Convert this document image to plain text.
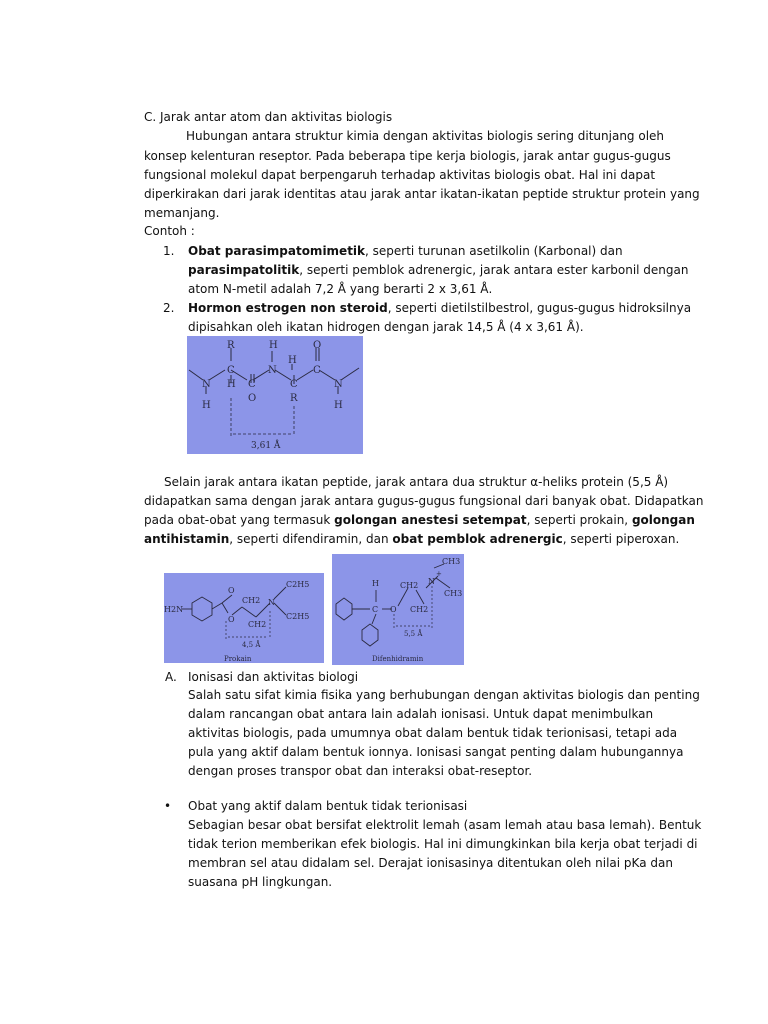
C. Jarak antar atom dan aktivitas biologis
Hubungan antara struktur kimia dengan aktivitas biologis sering ditunjang oleh
konsep kelenturan reseptor. Pada beberapa tipe kerja biologis, jarak antar gugus-gugus
fungsional molekul dapat berpengaruh terhadap aktivitas biologis obat. Hal ini dapat
diperkirakan dari jarak identitas atau jarak antar ikatan-ikatan peptide struktur protein yang
memanjang.
Contoh :
1. Obat parasimpatomimetik, seperti turunan asetilkolin (Karbonal) dan
parasimpatolitik, seperti pemblok adrenergic, jarak antara ester karbonil dengan
atom N-metil adalah 7,2 Å yang berarti 2 x 3,61 Å.
2. Hormon estrogen non steroid, seperti dietilstilbestrol, gugus-gugus hidroksilnya
dipisahkan oleh ikatan hidrogen dengan jarak 14,5 Å (4 x 3,61 Å).
R	H	O
H
C	N	C
N H C	C	N
O	R
H	H
3,61 Å
Selain jarak antara ikatan peptide, jarak antara dua struktur α-heliks protein (5,5 Å)
didapatkan sama dengan jarak antara gugus-gugus fungsional dari banyak obat. Didapatkan
pada obat-obat yang termasuk golongan anestesi setempat, seperti prokain, golongan
antihistamin, seperti difendiramin, dan obat pemblok adrenergic, seperti piperoxan.
H2N
O
O
CH2
CH2
N
C2H5
C2H5
4,5 Å
Prokain
H
C O
CH2
CH2
N
+
CH3
CH3
5,5 Å
Difenhidramin
A. Ionisasi dan aktivitas biologi
Salah satu sifat kimia fisika yang berhubungan dengan aktivitas biologis dan penting
dalam rancangan obat antara lain adalah ionisasi. Untuk dapat menimbulkan
aktivitas biologis, pada umumnya obat dalam bentuk tidak terionisasi, tetapi ada
pula yang aktif dalam bentuk ionnya. Ionisasi sangat penting dalam hubungannya
dengan proses transpor obat dan interaksi obat-reseptor.
• Obat yang aktif dalam bentuk tidak terionisasi
Sebagian besar obat bersifat elektrolit lemah (asam lemah atau basa lemah). Bentuk
tidak terion memberikan efek biologis. Hal ini dimungkinkan bila kerja obat terjadi di
membran sel atau didalam sel. Derajat ionisasinya ditentukan oleh nilai pKa dan
suasana pH lingkungan.
